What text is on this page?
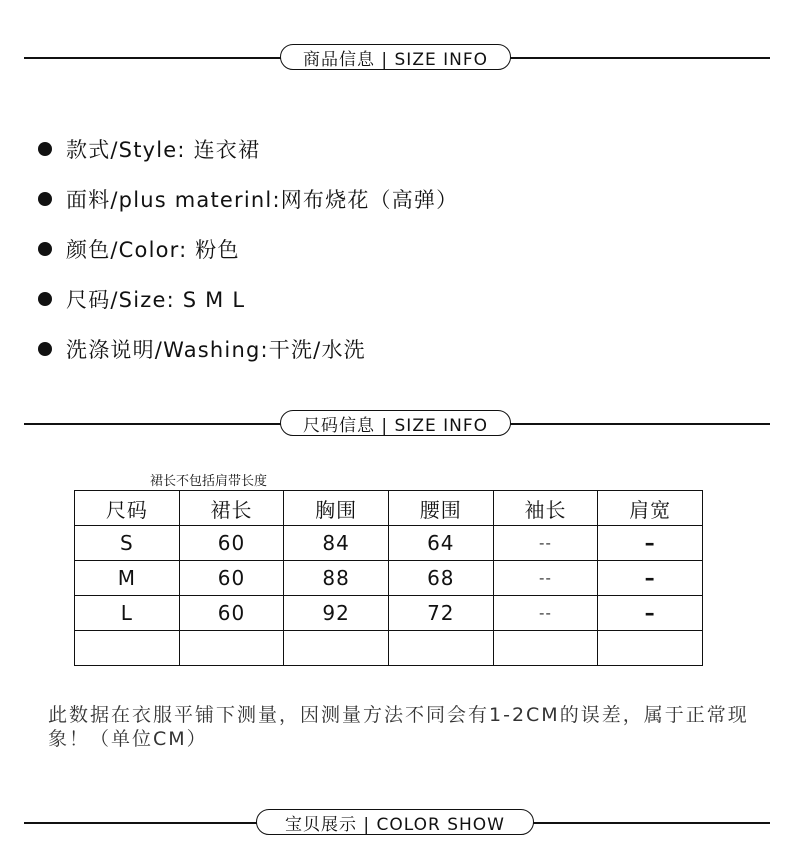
商品信息 | SIZE INFO
款式/Style: 连衣裙
面料/plus materinl:网布烧花（高弹）
颜色/Color: 粉色
尺码/Size: S M L
洗涤说明/Washing:干洗/水洗
尺码信息 | SIZE INFO
裙长不包括肩带长度
尺码	裙长	胸围	腰围	袖长	肩宽
S	60	84	64	--	–
M	60	88	68	--	–
L	60	92	72	--	–

此数据在衣服平铺下测量，因测量方法不同会有1-2CM的误差，属于正常现象！（单位CM）
宝贝展示 | COLOR SHOW
